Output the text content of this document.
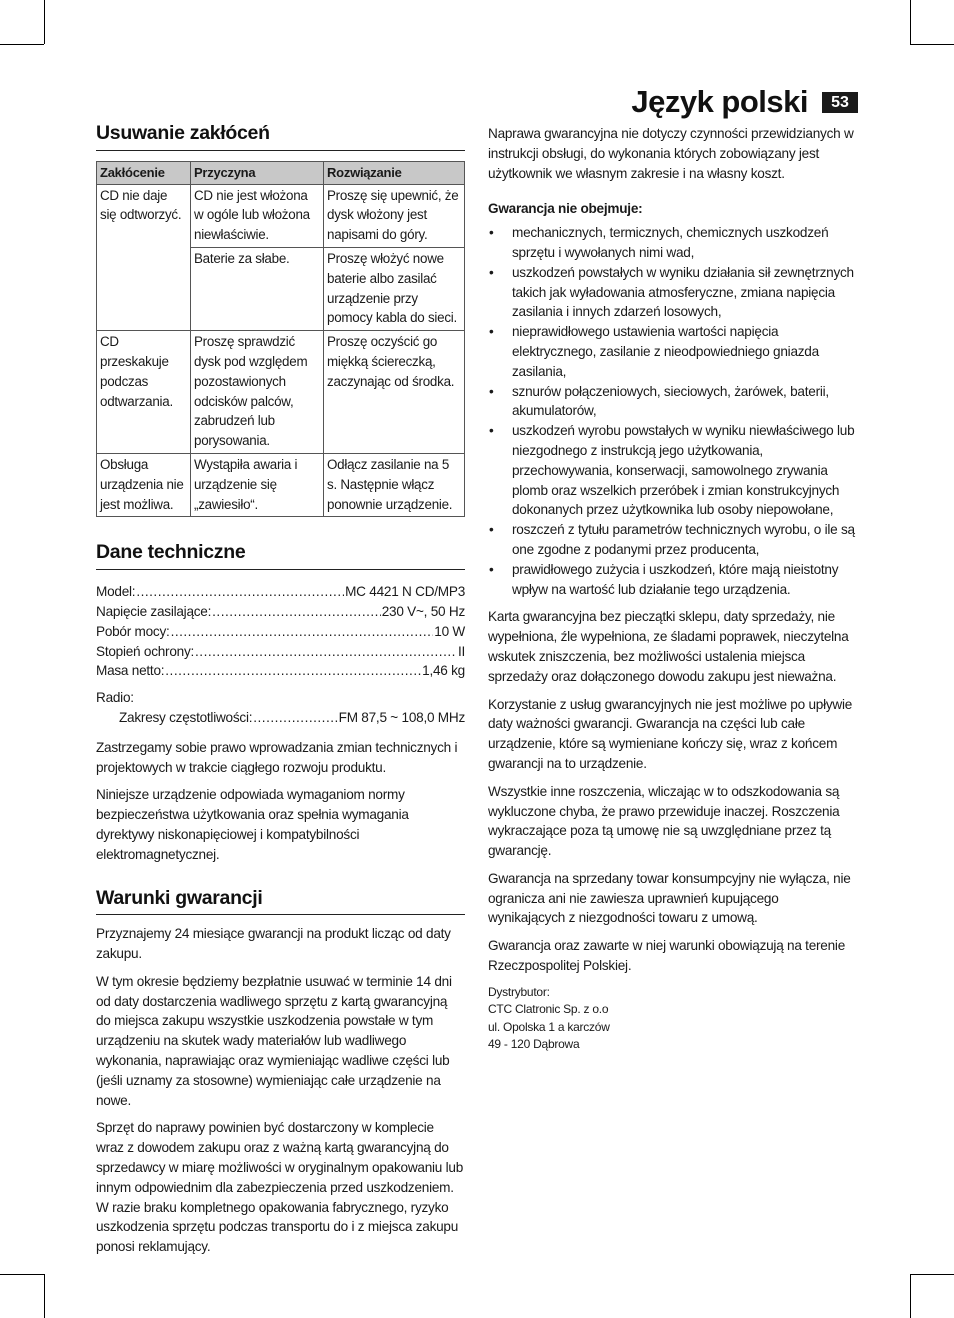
Język polski	53
Usuwanie zakłóceń
Zakłócenie	Przyczyna	Rozwiązanie
CD nie daje się odtworzyć.	CD nie jest włożona w ogóle lub włożona niewłaściwie.	Proszę się upewnić, że dysk włożony jest napisami do góry.
	Baterie za słabe.	Proszę włożyć nowe baterie albo zasilać urządzenie przy pomocy kabla do sieci.
CD przeskakuje podczas odtwarzania.	Proszę sprawdzić dysk pod względem pozostawionych odcisków palców, zabrudzeń lub porysowania.	Proszę oczyścić go miękką ściereczką, zaczynając od środka.
Obsługa urządzenia nie jest możliwa.	Wystąpiła awaria i urządzenie się „zawiesiło“.	Odłącz zasilanie na 5 s. Następnie włącz ponownie urządzenie.
Dane techniczne
Model: .....	MC 4421 N CD/MP3
Napięcie zasilające: .....	230 V~, 50 Hz
Pobór mocy: .....	10 W
Stopień ochrony: .....	II
Masa netto: .....	1,46 kg
Radio:
Zakresy częstotliwości: .....	FM 87,5 ~ 108,0 MHz

Zastrzegamy sobie prawo wprowadzania zmian technicznych i projektowych w trakcie ciągłego rozwoju produktu.

Niniejsze urządzenie odpowiada wymaganiom normy bezpieczeństwa użytkowania oraz spełnia wymagania dyrektywy niskonapięciowej i kompatybilności elektromagnetycznej.

Warunki gwarancji

Przyznajemy 24 miesiące gwarancji na produkt licząc od daty zakupu.

W tym okresie będziemy bezpłatnie usuwać w terminie 14 dni od daty dostarczenia wadliwego sprzętu z kartą gwarancyjną do miejsca zakupu wszystkie uszkodzenia powstałe w tym urządzeniu na skutek wady materiałów lub wadliwego wykonania, naprawiając oraz wymieniając wadliwe części lub (jeśli uznamy za stosowne) wymieniając całe urządzenie na nowe.

Sprzęt do naprawy powinien być dostarczony w komplecie wraz z dowodem zakupu oraz z ważną kartą gwarancyjną do sprzedawcy w miarę możliwości w oryginalnym opakowaniu lub innym odpowiednim dla zabezpieczenia przed uszkodzeniem. W razie braku kompletnego opakowania fabrycznego, ryzyko uszkodzenia sprzętu podczas transportu do i z miejsca zakupu ponosi reklamujący.

Naprawa gwarancyjna nie dotyczy czynności przewidzianych w instrukcji obsługi, do wykonania których zobowiązany jest użytkownik we własnym zakresie i na własny koszt.

Gwarancja nie obejmuje:
• mechanicznych, termicznych, chemicznych uszkodzeń sprzętu i wywołanych nimi wad,
• uszkodzeń powstałych w wyniku działania sił zewnętrznych takich jak wyładowania atmosferyczne, zmiana napięcia zasilania i innych zdarzeń losowych,
• nieprawidłowego ustawienia wartości napięcia elektrycznego, zasilanie z nieodpowiedniego gniazda zasilania,
• sznurów połączeniowych, sieciowych, żarówek, baterii, akumulatorów,
• uszkodzeń wyrobu powstałych w wyniku niewłaściwego lub niezgodnego z instrukcją jego użytkowania, przechowywania, konserwacji, samowolnego zrywania plomb oraz wszelkich przeróbek i zmian konstrukcyjnych dokonanych przez użytkownika lub osoby niepowołane,
• roszczeń z tytułu parametrów technicznych wyrobu, o ile są one zgodne z podanymi przez producenta,
• prawidłowego zużycia i uszkodzeń, które mają nieistotny wpływ na wartość lub działanie tego urządzenia.

Karta gwarancyjna bez pieczątki sklepu, daty sprzedaży, nie wypełniona, źle wypełniona, ze śladami poprawek, nieczytelna wskutek zniszczenia, bez możliwości ustalenia miejsca sprzedaży oraz dołączonego dowodu zakupu jest nieważna.

Korzystanie z usług gwarancyjnych nie jest możliwe po upływie daty ważności gwarancji. Gwarancja na części lub całe urządzenie, które są wymieniane kończy się, wraz z końcem gwarancji na to urządzenie.

Wszystkie inne roszczenia, wliczając w to odszkodowania są wykluczone chyba, że prawo przewiduje inaczej. Roszczenia wykraczające poza tą umowę nie są uwzględniane przez tą gwarancję.

Gwarancja na sprzedany towar konsumpcyjny nie wyłącza, nie ogranicza ani nie zawiesza uprawnień kupującego wynikających z niezgodności towaru z umową.

Gwarancja oraz zawarte w niej warunki obowiązują na terenie Rzeczpospolitej Polskiej.

Dystrybutor:
CTC Clatronic Sp. z o.o
ul. Opolska 1 a karczów
49 - 120 Dąbrowa
